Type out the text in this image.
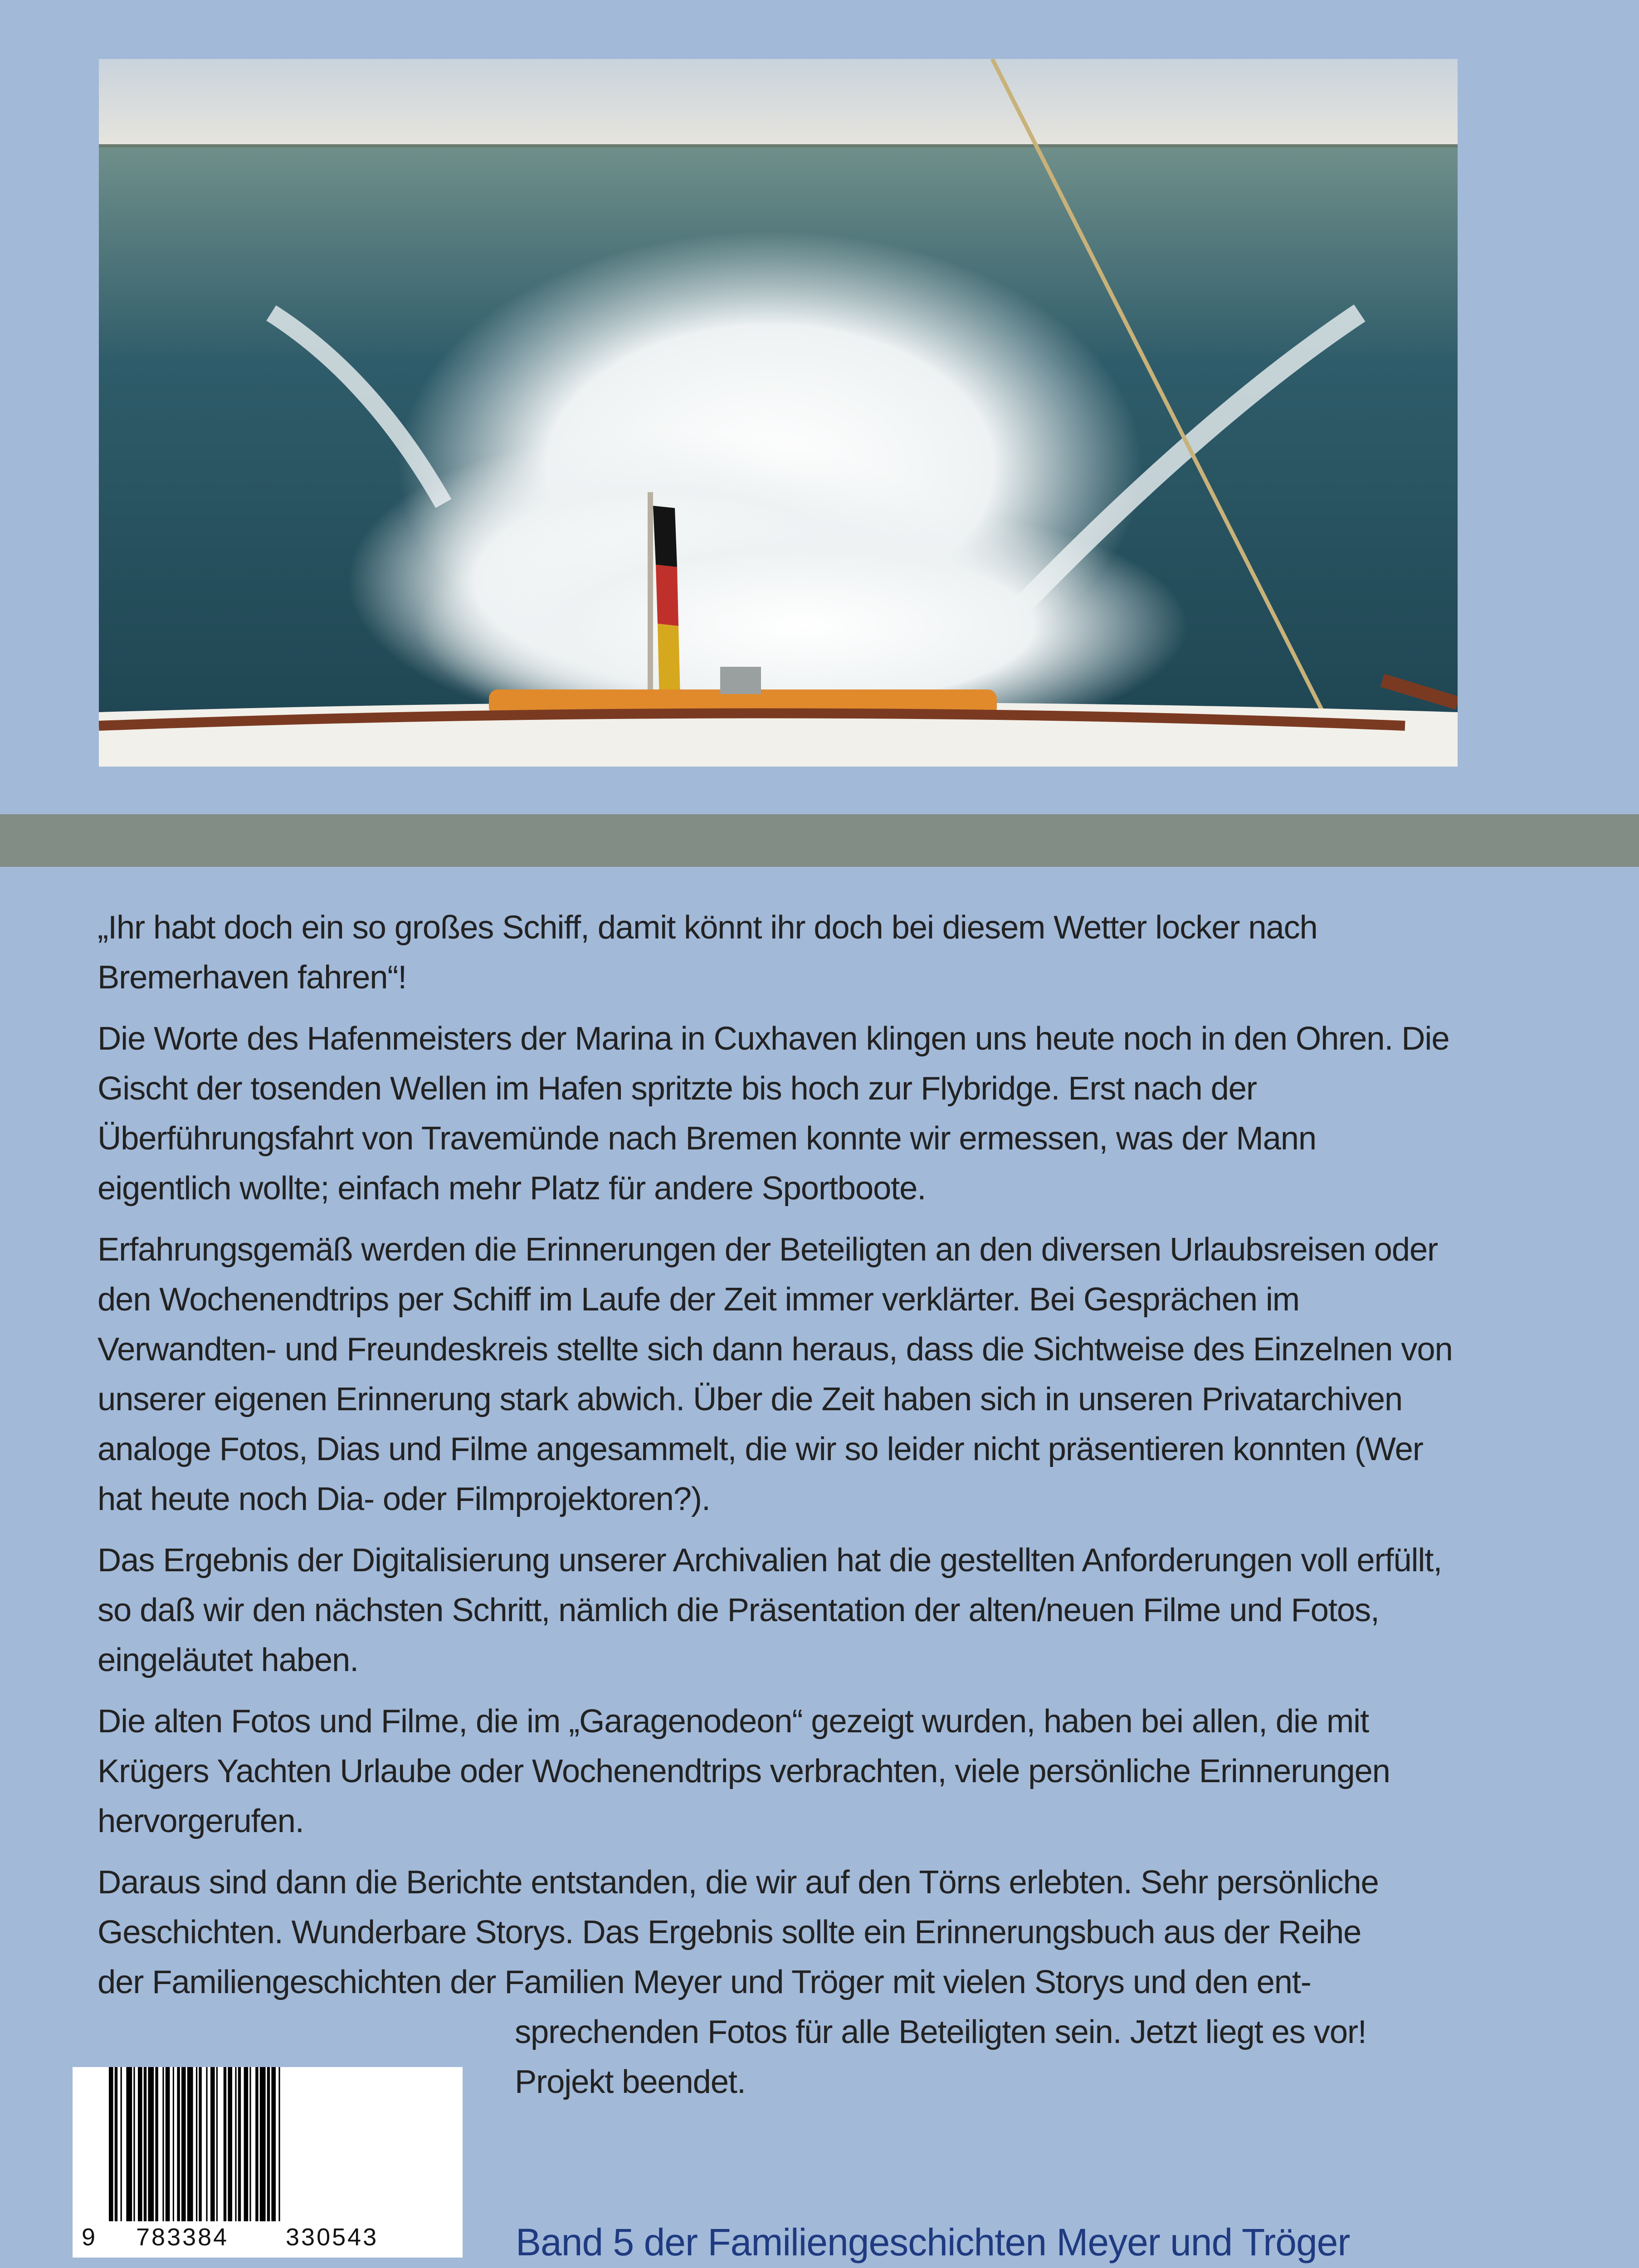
„Ihr habt doch ein so großes Schiff, damit könnt ihr doch bei diesem Wetter locker nach Bremerhaven fahren“!

Die Worte des Hafenmeisters der Marina in Cuxhaven klingen uns heute noch in den Ohren. Die Gischt der tosenden Wellen im Hafen spritzte bis hoch zur Flybridge. Erst nach der Überführungsfahrt von Travemünde nach Bremen konnte wir ermessen, was der Mann eigentlich wollte; einfach mehr Platz für andere Sportboote.

Erfahrungsgemäß werden die Erinnerungen der Beteiligten an den diversen Urlaubsreisen oder den Wochenendtrips per Schiff im Laufe der Zeit immer verklärter. Bei Gesprächen im Verwandten- und Freundeskreis stellte sich dann heraus, dass die Sichtweise des Einzelnen von unserer eigenen Erinnerung stark abwich. Über die Zeit haben sich in unseren Privatarchiven analoge Fotos, Dias und Filme angesammelt, die wir so leider nicht präsentieren konnten (Wer hat heute noch Dia- oder Filmprojektoren?).

Das Ergebnis der Digitalisierung unserer Archivalien hat die gestellten Anforderungen voll erfüllt, so daß wir den nächsten Schritt, nämlich die Präsentation der alten/neuen Filme und Fotos, eingeläutet haben.

Die alten Fotos und Filme, die im „Garagenodeon“ gezeigt wurden, haben bei allen, die mit Krügers Yachten Urlaube oder Wochenendtrips verbrachten, viele persönliche Erinnerungen hervorgerufen.

Daraus sind dann die Berichte entstanden, die wir auf den Törns erlebten. Sehr persönliche
Geschichten. Wunderbare Storys. Das Ergebnis sollte ein Erinnerungsbuch aus der Reihe
der Familiengeschichten der Familien Meyer und Tröger mit vielen Storys und den ent-

sprechenden Fotos für alle Beteiligten sein. Jetzt liegt es vor!
Projekt beendet.

9 783384 330543	Band 5 der Familiengeschichten Meyer und Tröger
